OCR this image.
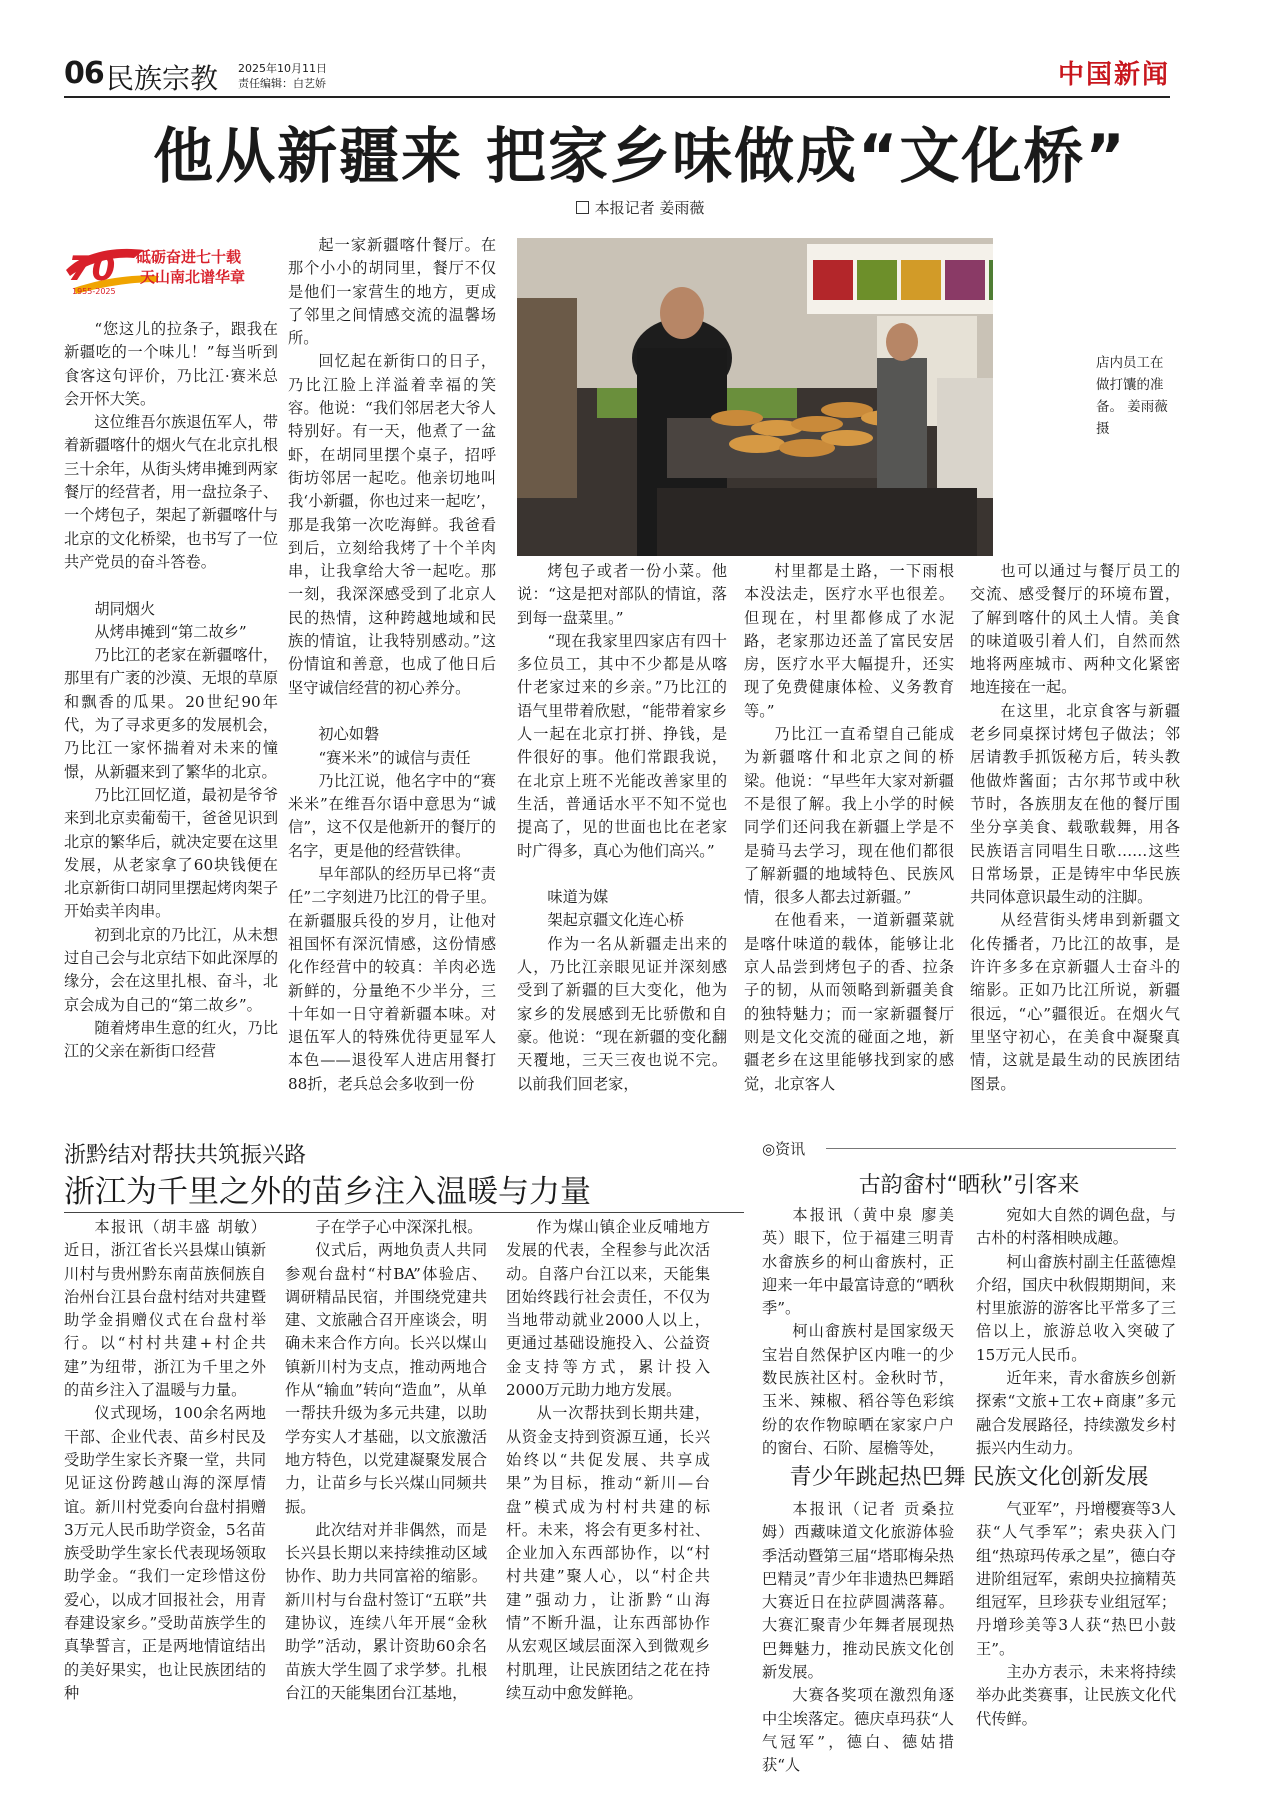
06 民族宗教 2025年10月11日
责任编辑：白艺娇	中国新闻
他从新疆来 把家乡味做成“文化桥”
本报记者 姜雨薇
70
1955-2025
砥砺奋进七十载
天山南北谱华章

“您这儿的拉条子，跟我在新疆吃的一个味儿！”每当听到食客这句评价，乃比江·赛米总会开怀大笑。

这位维吾尔族退伍军人，带着新疆喀什的烟火气在北京扎根三十余年，从街头烤串摊到两家餐厅的经营者，用一盘拉条子、一个烤包子，架起了新疆喀什与北京的文化桥梁，也书写了一位共产党员的奋斗答卷。

胡同烟火

从烤串摊到“第二故乡”

乃比江的老家在新疆喀什，那里有广袤的沙漠、无垠的草原和飘香的瓜果。20世纪90年代，为了寻求更多的发展机会，乃比江一家怀揣着对未来的憧憬，从新疆来到了繁华的北京。

乃比江回忆道，最初是爷爷来到北京卖葡萄干，爸爸见识到北京的繁华后，就决定要在这里发展，从老家拿了60块钱便在北京新街口胡同里摆起烤肉架子开始卖羊肉串。

初到北京的乃比江，从未想过自己会与北京结下如此深厚的缘分，会在这里扎根、奋斗，北京会成为自己的“第二故乡”。

随着烤串生意的红火，乃比江的父亲在新街口经营

起一家新疆喀什餐厅。在那个小小的胡同里，餐厅不仅是他们一家营生的地方，更成了邻里之间情感交流的温馨场所。

回忆起在新街口的日子，乃比江脸上洋溢着幸福的笑容。他说：“我们邻居老大爷人特别好。有一天，他煮了一盆虾，在胡同里摆个桌子，招呼街坊邻居一起吃。他亲切地叫我‘小新疆，你也过来一起吃’，那是我第一次吃海鲜。我爸看到后，立刻给我烤了十个羊肉串，让我拿给大爷一起吃。那一刻，我深深感受到了北京人民的热情，这种跨越地域和民族的情谊，让我特别感动。”这份情谊和善意，也成了他日后坚守诚信经营的初心养分。

初心如磐

“赛米米”的诚信与责任

乃比江说，他名字中的“赛米米”在维吾尔语中意思为“诚信”，这不仅是他新开的餐厅的名字，更是他的经营铁律。

早年部队的经历早已将“责任”二字刻进乃比江的骨子里。在新疆服兵役的岁月，让他对祖国怀有深沉情感，这份情感化作经营中的较真：羊肉必选新鲜的，分量绝不少半分，三十年如一日守着新疆本味。对退伍军人的特殊优待更显军人本色——退役军人进店用餐打88折，老兵总会多收到一份

烤包子或者一份小菜。他说：“这是把对部队的情谊，落到每一盘菜里。”

“现在我家里四家店有四十多位员工，其中不少都是从喀什老家过来的乡亲。”乃比江的语气里带着欣慰，“能带着家乡人一起在北京打拼、挣钱，是件很好的事。他们常跟我说，在北京上班不光能改善家里的生活，普通话水平不知不觉也提高了，见的世面也比在老家时广得多，真心为他们高兴。”

味道为媒

架起京疆文化连心桥

作为一名从新疆走出来的人，乃比江亲眼见证并深刻感受到了新疆的巨大变化，他为家乡的发展感到无比骄傲和自豪。他说：“现在新疆的变化翻天覆地，三天三夜也说不完。以前我们回老家，

村里都是土路，一下雨根本没法走，医疗水平也很差。但现在，村里都修成了水泥路，老家那边还盖了富民安居房，医疗水平大幅提升，还实现了免费健康体检、义务教育等。”

乃比江一直希望自己能成为新疆喀什和北京之间的桥梁。他说：“早些年大家对新疆不是很了解。我上小学的时候同学们还问我在新疆上学是不是骑马去学习，现在他们都很了解新疆的地域特色、民族风情，很多人都去过新疆。”

在他看来，一道新疆菜就是喀什味道的载体，能够让北京人品尝到烤包子的香、拉条子的韧，从而领略到新疆美食的独特魅力；而一家新疆餐厅则是文化交流的碰面之地，新疆老乡在这里能够找到家的感觉，北京客人

也可以通过与餐厅员工的交流、感受餐厅的环境布置，了解到喀什的风土人情。美食的味道吸引着人们，自然而然地将两座城市、两种文化紧密地连接在一起。

在这里，北京食客与新疆老乡同桌探讨烤包子做法；邻居请教手抓饭秘方后，转头教他做炸酱面；古尔邦节或中秋节时，各族朋友在他的餐厅围坐分享美食、载歌载舞，用各民族语言同唱生日歌……这些日常场景，正是铸牢中华民族共同体意识最生动的注脚。

从经营街头烤串到新疆文化传播者，乃比江的故事，是许许多多在京新疆人士奋斗的缩影。正如乃比江所说，新疆很远，“心”疆很近。在烟火气里坚守初心，在美食中凝聚真情，这就是最生动的民族团结图景。

店内员工在做打馕的准备。 姜雨薇 摄
浙黔结对帮扶共筑振兴路
浙江为千里之外的苗乡注入温暖与力量

本报讯（胡丰盛 胡敏）近日，浙江省长兴县煤山镇新川村与贵州黔东南苗族侗族自治州台江县台盘村结对共建暨助学金捐赠仪式在台盘村举行。以“村村共建+村企共建”为纽带，浙江为千里之外的苗乡注入了温暖与力量。

仪式现场，100余名两地干部、企业代表、苗乡村民及受助学生家长齐聚一堂，共同见证这份跨越山海的深厚情谊。新川村党委向台盘村捐赠3万元人民币助学资金，5名苗族受助学生家长代表现场领取助学金。“我们一定珍惜这份爱心，以成才回报社会，用青春建设家乡。”受助苗族学生的真挚誓言，正是两地情谊结出的美好果实，也让民族团结的种

子在学子心中深深扎根。

仪式后，两地负责人共同参观台盘村“村BA”体验店、调研精品民宿，并围绕党建共建、文旅融合召开座谈会，明确未来合作方向。长兴以煤山镇新川村为支点，推动两地合作从“输血”转向“造血”，从单一帮扶升级为多元共建，以助学夯实人才基础，以文旅激活地方特色，以党建凝聚发展合力，让苗乡与长兴煤山同频共振。

此次结对并非偶然，而是长兴县长期以来持续推动区域协作、助力共同富裕的缩影。新川村与台盘村签订“五联”共建协议，连续八年开展“金秋助学”活动，累计资助60余名苗族大学生圆了求学梦。扎根台江的天能集团台江基地，

作为煤山镇企业反哺地方发展的代表，全程参与此次活动。自落户台江以来，天能集团始终践行社会责任，不仅为当地带动就业2000人以上，更通过基础设施投入、公益资金支持等方式，累计投入2000万元助力地方发展。

从一次帮扶到长期共建，从资金支持到资源互通，长兴始终以“共促发展、共享成果”为目标，推动“新川—台盘”模式成为村村共建的标杆。未来，将会有更多村社、企业加入东西部协作，以“村村共建”聚人心，以“村企共建”强动力，让浙黔“山海情”不断升温，让东西部协作从宏观区域层面深入到微观乡村肌理，让民族团结之花在持续互动中愈发鲜艳。

◎资讯
古韵畲村“晒秋”引客来

本报讯（黄中泉 廖美英）眼下，位于福建三明青水畲族乡的柯山畲族村，正迎来一年中最富诗意的“晒秋季”。

柯山畲族村是国家级天宝岩自然保护区内唯一的少数民族社区村。金秋时节，玉米、辣椒、稻谷等色彩缤纷的农作物晾晒在家家户户的窗台、石阶、屋檐等处，

宛如大自然的调色盘，与古朴的村落相映成趣。

柯山畲族村副主任蓝德煌介绍，国庆中秋假期期间，来村里旅游的游客比平常多了三倍以上，旅游总收入突破了15万元人民币。

近年来，青水畲族乡创新探索“文旅+工农+商康”多元融合发展路径，持续激发乡村振兴内生动力。

青少年跳起热巴舞 民族文化创新发展

本报讯（记者 贡桑拉姆）西藏味道文化旅游体验季活动暨第三届“塔耶梅朵热巴精灵”青少年非遗热巴舞蹈大赛近日在拉萨圆满落幕。大赛汇聚青少年舞者展现热巴舞魅力，推动民族文化创新发展。

大赛各奖项在激烈角逐中尘埃落定。德庆卓玛获“人气冠军”，德白、德姑措获“人

气亚军”，丹增樱赛等3人获“人气季军”；索央获入门组“热琼玛传承之星”，德白夺进阶组冠军，索朗央拉摘精英组冠军，旦珍获专业组冠军；丹增珍美等3人获“热巴小鼓王”。

主办方表示，未来将持续举办此类赛事，让民族文化代代传鲜。
